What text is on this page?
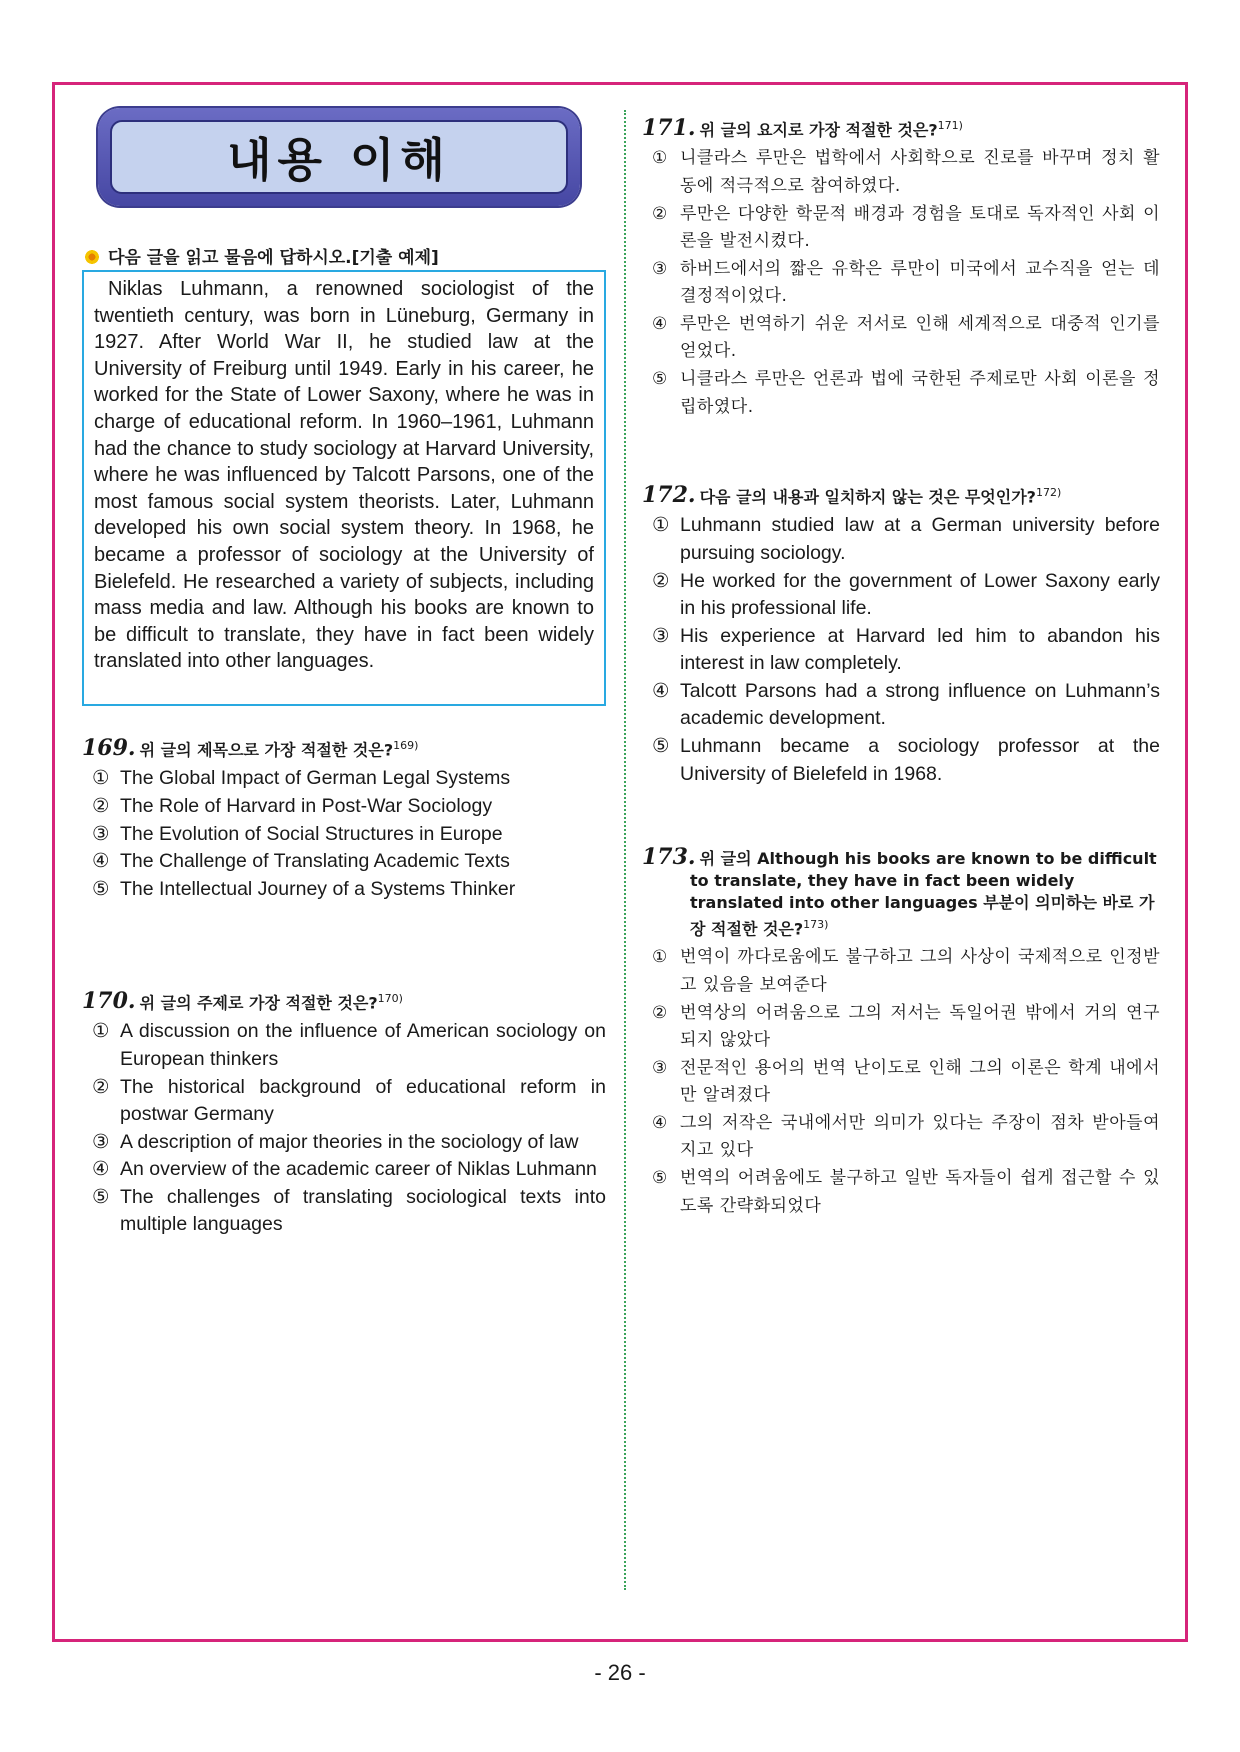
내용 이해
다음 글을 읽고 물음에 답하시오.[기출 예제]
Niklas Luhmann, a renowned sociologist of the twentieth century, was born in Lüneburg, Germany in 1927. After World War II, he studied law at the University of Freiburg until 1949. Early in his career, he worked for the State of Lower Saxony, where he was in charge of educational reform. In 1960–1961, Luhmann had the chance to study sociology at Harvard University, where he was influenced by Talcott Parsons, one of the most famous social system theorists. Later, Luhmann developed his own social system theory. In 1968, he became a professor of sociology at the University of Bielefeld. He researched a variety of subjects, including mass media and law. Although his books are known to be difficult to translate, they have in fact been widely translated into other languages.
169. 위 글의 제목으로 가장 적절한 것은?$^{169)}$
① The Global Impact of German Legal Systems
② The Role of Harvard in Post-War Sociology
③ The Evolution of Social Structures in Europe
④ The Challenge of Translating Academic Texts
⑤ The Intellectual Journey of a Systems Thinker
170. 위 글의 주제로 가장 적절한 것은?$^{170)}$
① A discussion on the influence of American sociology on European thinkers
② The historical background of educational reform in postwar Germany
③ A description of major theories in the sociology of law
④ An overview of the academic career of Niklas Luhmann
⑤ The challenges of translating sociological texts into multiple languages
171. 위 글의 요지로 가장 적절한 것은?$^{171)}$
① 니클라스 루만은 법학에서 사회학으로 진로를 바꾸며 정치 활동에 적극적으로 참여하였다.
② 루만은 다양한 학문적 배경과 경험을 토대로 독자적인 사회 이론을 발전시켰다.
③ 하버드에서의 짧은 유학은 루만이 미국에서 교수직을 얻는 데 결정적이었다.
④ 루만은 번역하기 쉬운 저서로 인해 세계적으로 대중적 인기를 얻었다.
⑤ 니클라스 루만은 언론과 법에 국한된 주제로만 사회 이론을 정립하였다.
172. 다음 글의 내용과 일치하지 않는 것은 무엇인가?$^{172)}$
① Luhmann studied law at a German university before pursuing sociology.
② He worked for the government of Lower Saxony early in his professional life.
③ His experience at Harvard led him to abandon his interest in law completely.
④ Talcott Parsons had a strong influence on Luhmann’s academic development.
⑤ Luhmann became a sociology professor at the University of Bielefeld in 1968.
173. 위 글의 Although his books are known to be difficult to translate, they have in fact been widely translated into other languages 부분이 의미하는 바로 가장 적절한 것은?$^{173)}$
① 번역이 까다로움에도 불구하고 그의 사상이 국제적으로 인정받고 있음을 보여준다
② 번역상의 어려움으로 그의 저서는 독일어권 밖에서 거의 연구되지 않았다
③ 전문적인 용어의 번역 난이도로 인해 그의 이론은 학계 내에서만 알려졌다
④ 그의 저작은 국내에서만 의미가 있다는 주장이 점차 받아들여지고 있다
⑤ 번역의 어려움에도 불구하고 일반 독자들이 쉽게 접근할 수 있도록 간략화되었다
- 26 -
